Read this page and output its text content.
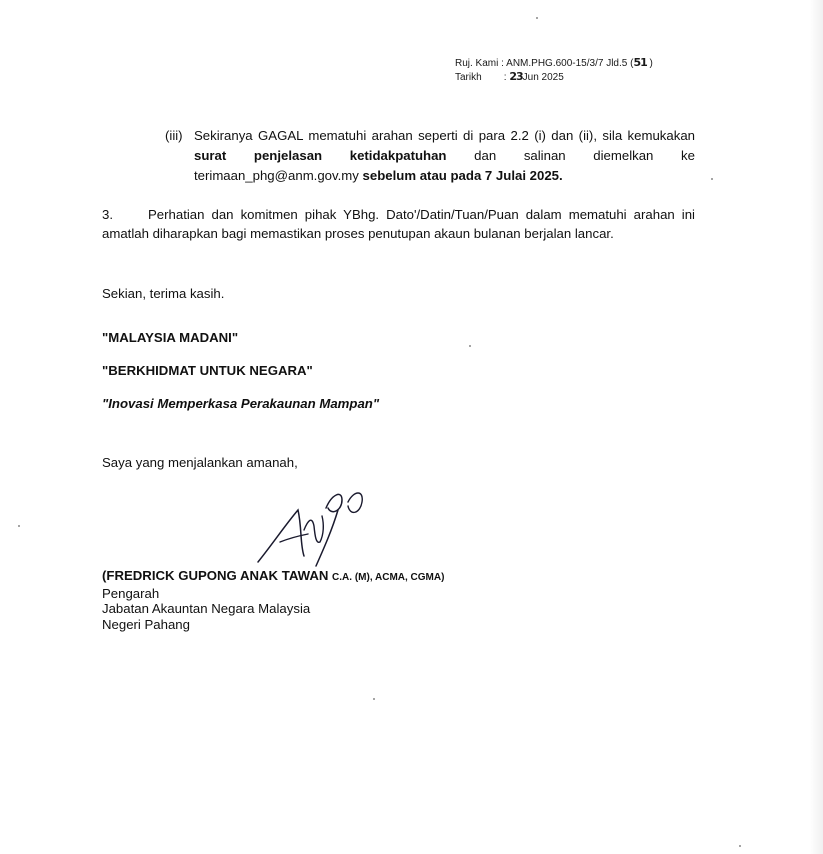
Ruj. Kami : ANM.PHG.600-15/3/7 Jld.5 (51 )
Tarikh : 23Jun 2025
(iii) Sekiranya GAGAL mematuhi arahan seperti di para 2.2 (i) dan (ii), sila kemukakan surat penjelasan ketidakpatuhan dan salinan diemelkan ke terimaan_phg@anm.gov.my sebelum atau pada 7 Julai 2025.
3.	Perhatian dan komitmen pihak YBhg. Dato'/Datin/Tuan/Puan dalam mematuhi arahan ini amatlah diharapkan bagi memastikan proses penutupan akaun bulanan berjalan lancar.
Sekian, terima kasih.
"MALAYSIA MADANI"
"BERKHIDMAT UNTUK NEGARA"
"Inovasi Memperkasa Perakaunan Mampan"
Saya yang menjalankan amanah,
(FREDRICK GUPONG ANAK TAWAN C.A. (M), ACMA, CGMA)
Pengarah
Jabatan Akauntan Negara Malaysia
Negeri Pahang
